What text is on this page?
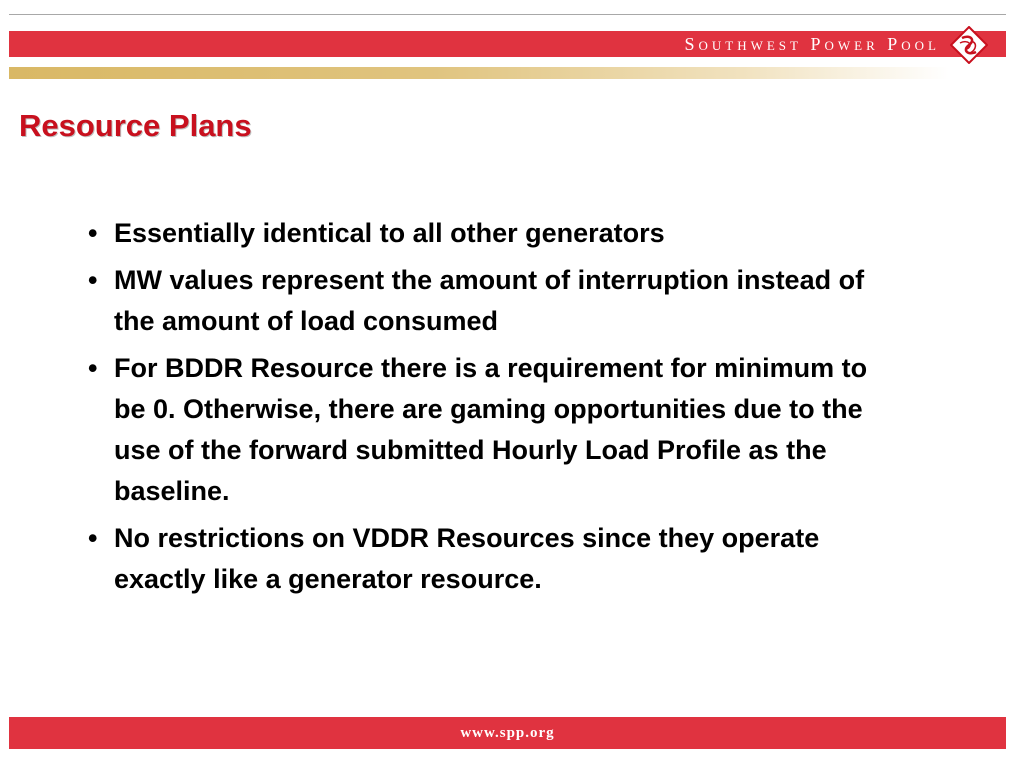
Southwest Power Pool
Resource Plans
• Essentially identical to all other generators
• MW values represent the amount of interruption instead of the amount of load consumed
• For BDDR Resource there is a requirement for minimum to be 0. Otherwise, there are gaming opportunities due to the use of the forward submitted Hourly Load Profile as the baseline.
• No restrictions on VDDR Resources since they operate exactly like a generator resource.
www.spp.org
